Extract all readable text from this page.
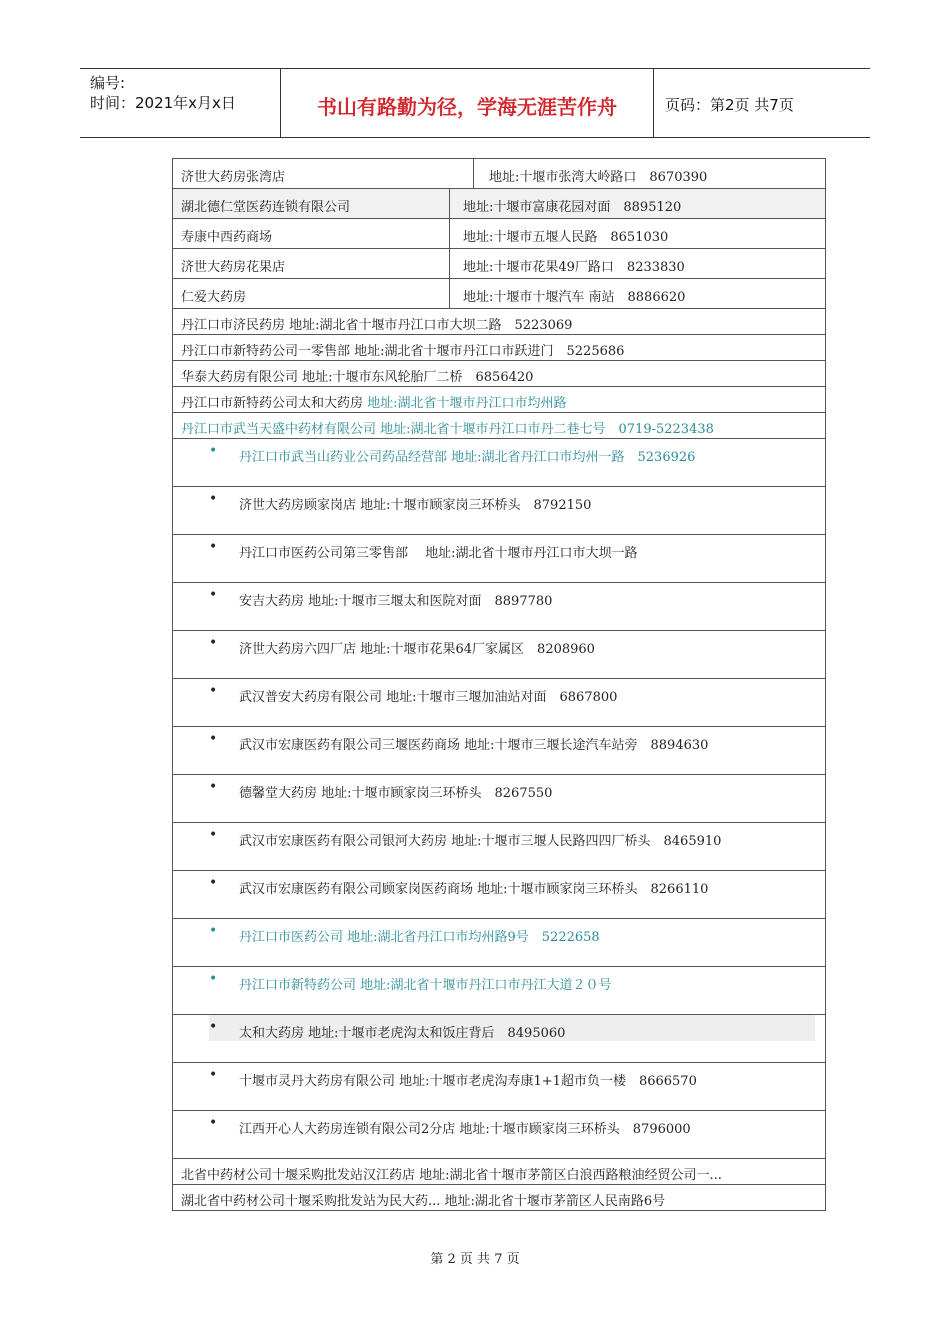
编号:
时间：2021年x月x日	书山有路勤为径，学海无涯苦作舟	页码：第2页 共7页
济世大药房张湾店	地址:十堰市张湾大岭路口　8670390
湖北德仁堂医药连锁有限公司	地址:十堰市富康花园对面　8895120
寿康中西药商场	地址:十堰市五堰人民路　8651030
济世大药房花果店	地址:十堰市花果49厂路口　8233830
仁爱大药房	地址:十堰市十堰汽车 南站　8886620
丹江口市济民药房 地址:湖北省十堰市丹江口市大坝二路　5223069
丹江口市新特药公司一零售部 地址:湖北省十堰市丹江口市跃进门　5225686
华泰大药房有限公司 地址:十堰市东风轮胎厂二桥　6856420
丹江口市新特药公司太和大药房 地址:湖北省十堰市丹江口市均州路
丹江口市武当天盛中药材有限公司 地址:湖北省十堰市丹江口市丹二巷七号　0719-5223438
• 丹江口市武当山药业公司药品经营部 地址:湖北省丹江口市均州一路　5236926
• 济世大药房顾家岗店 地址:十堰市顾家岗三环桥头　8792150
• 丹江口市医药公司第三零售部　 地址:湖北省十堰市丹江口市大坝一路
• 安吉大药房 地址:十堰市三堰太和医院对面　8897780
• 济世大药房六四厂店 地址:十堰市花果64厂家属区　8208960
• 武汉普安大药房有限公司 地址:十堰市三堰加油站对面　6867800
• 武汉市宏康医药有限公司三堰医药商场 地址:十堰市三堰长途汽车站旁　8894630
• 德馨堂大药房 地址:十堰市顾家岗三环桥头　8267550
• 武汉市宏康医药有限公司银河大药房 地址:十堰市三堰人民路四四厂桥头　8465910
• 武汉市宏康医药有限公司顾家岗医药商场 地址:十堰市顾家岗三环桥头　8266110
• 丹江口市医药公司 地址:湖北省丹江口市均州路9号　5222658
• 丹江口市新特药公司 地址:湖北省十堰市丹江口市丹江大道２０号
• 太和大药房 地址:十堰市老虎沟太和饭庄背后　8495060
• 十堰市灵丹大药房有限公司 地址:十堰市老虎沟寿康1+1超市负一楼　8666570
• 江西开心人大药房连锁有限公司2分店 地址:十堰市顾家岗三环桥头　8796000
北省中药材公司十堰采购批发站汉江药店 地址:湖北省十堰市茅箭区白浪西路粮油经贸公司一...
湖北省中药材公司十堰采购批发站为民大药... 地址:湖北省十堰市茅箭区人民南路6号
第 2 页 共 7 页
